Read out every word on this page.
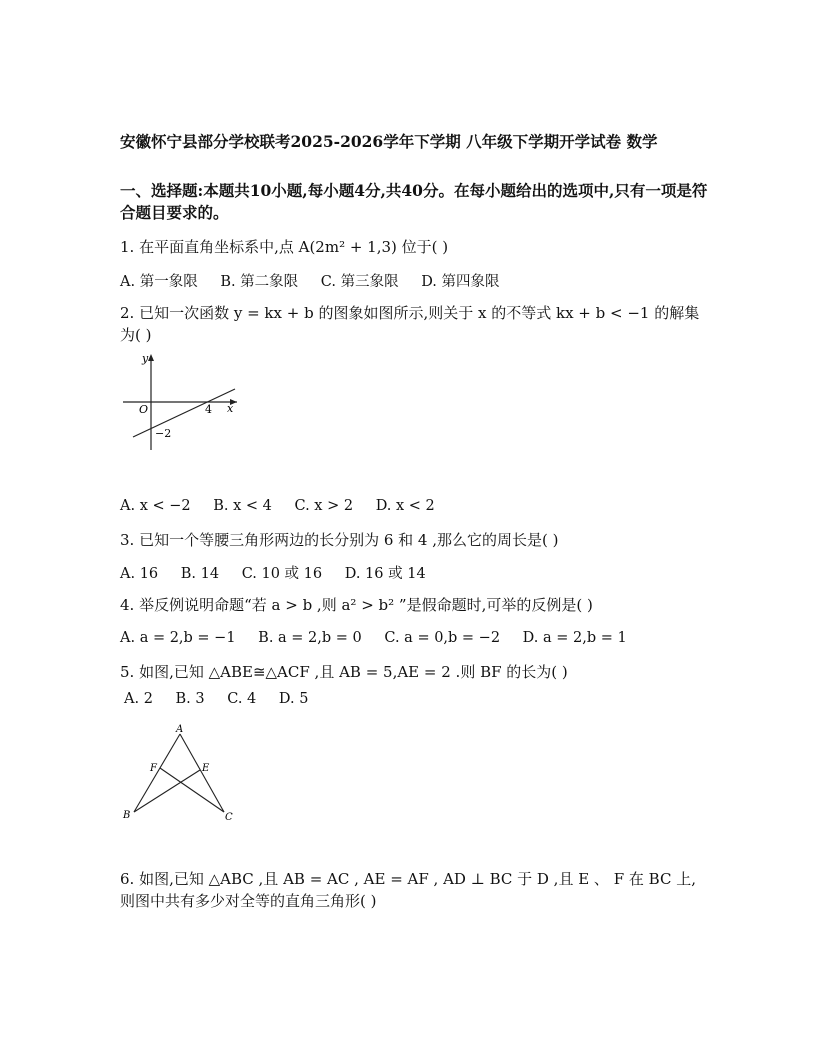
安徽怀宁县部分学校联考2025-2026学年下学期 八年级下学期开学试卷 数学
一、选择题:本题共10小题,每小题4分,共40分。在每小题给出的选项中,只有一项是符合题目要求的。
1. 在平面直角坐标系中,点 A(2m² + 1,3) 位于( )
A. 第一象限 B. 第二象限 C. 第三象限 D. 第四象限
2. 已知一次函数 y = kx + b 的图象如图所示,则关于 x 的不等式 kx + b < −1 的解集为( )
y
x
O	4
−2
A. x < −2 B. x < 4 C. x > 2 D. x < 2
3. 已知一个等腰三角形两边的长分别为 6 和 4 ,那么它的周长是( )
A. 16 B. 14 C. 10 或 16 D. 16 或 14
4. 举反例说明命题“若 a > b ,则 a² > b² ”是假命题时,可举的反例是( )
A. a = 2,b = −1 B. a = 2,b = 0 C. a = 0,b = −2 D. a = 2,b = 1
5. 如图,已知 △ABE≅△ACF ,且 AB = 5,AE = 2 .则 BF 的长为( )
A. 2 B. 3 C. 4 D. 5
A
B	C
E
F
6. 如图,已知 △ABC ,且 AB = AC , AE = AF , AD ⊥ BC 于 D ,且 E 、 F 在 BC 上,则图中共有多少对全等的直角三角形( )
